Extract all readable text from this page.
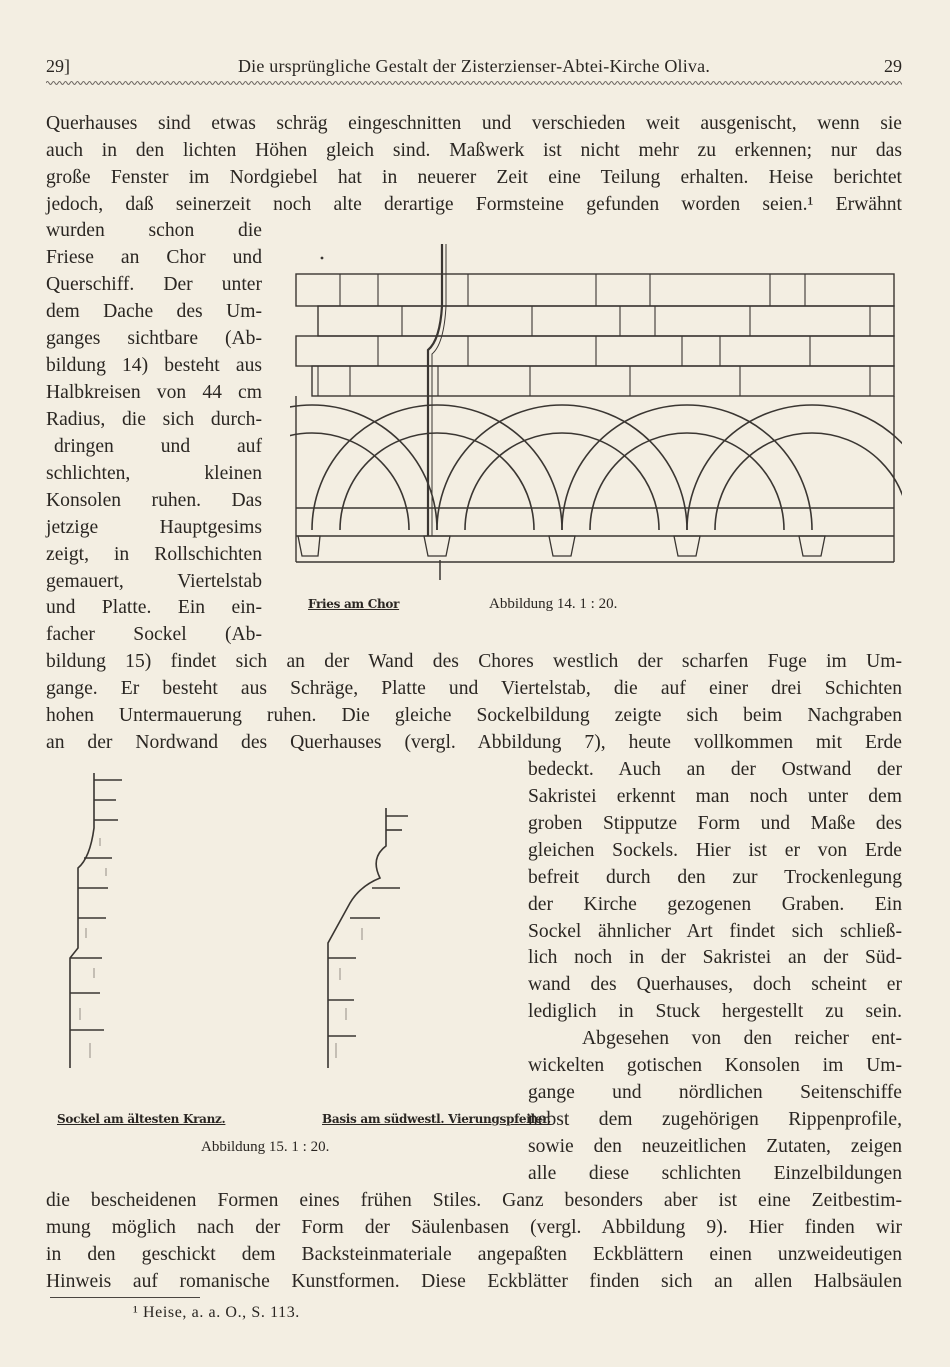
29]	Die ursprüngliche Gestalt der Zisterzienser-Abtei-Kirche Oliva.	29
Querhauses sind etwas schräg eingeschnitten und verschieden weit ausgenischt, wenn sie
auch in den lichten Höhen gleich sind. Maßwerk ist nicht mehr zu erkennen; nur das
große Fenster im Nordgiebel hat in neuerer Zeit eine Teilung erhalten. Heise berichtet
jedoch, daß seinerzeit noch alte derartige Formsteine gefunden worden seien.¹ Erwähnt
wurden schon die
Friese an Chor und
Querschiff. Der unter
dem Dache des Um-
ganges sichtbare (Ab-
bildung 14) besteht aus
Halbkreisen von 44 cm
Radius, die sich durch-
dringen und auf
schlichten, kleinen
Konsolen ruhen. Das
jetzige Hauptgesims
zeigt, in Rollschichten
gemauert, Viertelstab
und Platte. Ein ein-
facher Sockel (Ab-
bildung 15) findet sich an der Wand des Chores westlich der scharfen Fuge im Um-
gange. Er besteht aus Schräge, Platte und Viertelstab, die auf einer drei Schichten
hohen Untermauerung ruhen. Die gleiche Sockelbildung zeigte sich beim Nachgraben
an der Nordwand des Querhauses (vergl. Abbildung 7), heute vollkommen mit Erde
bedeckt. Auch an der Ostwand der
Sakristei erkennt man noch unter dem
groben Stipputze Form und Maße des
gleichen Sockels. Hier ist er von Erde
befreit durch den zur Trockenlegung
der Kirche gezogenen Graben. Ein
Sockel ähnlicher Art findet sich schließ-
lich noch in der Sakristei an der Süd-
wand des Querhauses, doch scheint er
lediglich in Stuck hergestellt zu sein.
Abgesehen von den reicher ent-
wickelten gotischen Konsolen im Um-
gange und nördlichen Seitenschiffe
nebst dem zugehörigen Rippenprofile,
sowie den neuzeitlichen Zutaten, zeigen
alle diese schlichten Einzelbildungen
die bescheidenen Formen eines frühen Stiles. Ganz besonders aber ist eine Zeitbestim-
mung möglich nach der Form der Säulenbasen (vergl. Abbildung 9). Hier finden wir
in den geschickt dem Backsteinmateriale angepaßten Eckblättern einen unzweideutigen
Hinweis auf romanische Kunstformen. Diese Eckblätter finden sich an allen Halbsäulen
Fries am Chor	Abbildung 14. 1 : 20.
Sockel am ältesten Kranz.	Basis am südwestl. Vierungspfeiler.
Abbildung 15. 1 : 20.
¹ Heise, a. a. O., S. 113.
